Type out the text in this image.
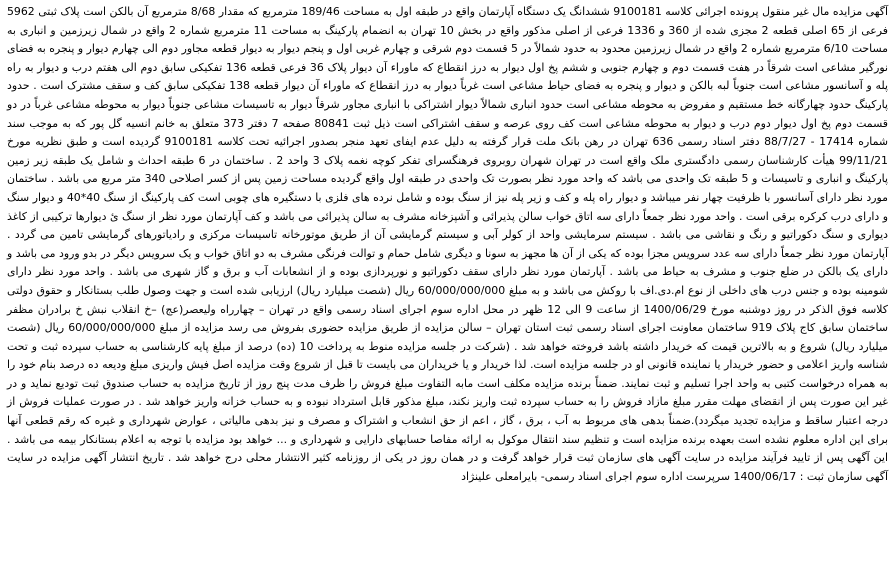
آگهی مزایده مال غیر منقول پرونده اجرائی کلاسه 9100181 ششدانگ یک دستگاه آپارتمان واقع در طبقه اول به مساحت 189/46 مترمربع که مقدار 8/68 مترمربع آن بالکن است پلاک ثبتی 5962 فرعی از 65 اصلی قطعه 2 مجزی شده از 360 و 1336 فرعی از اصلی مذکور واقع در بخش 10 تهران به انضمام پارکینگ به مساحت 11 مترمربع شماره 2 واقع در شمال زیرزمین و انباری به مساحت 6/10 مترمربع شماره 2 واقع در شمال زیرزمین محدود به حدود شمالاً در 5 قسمت دوم شرقی و چهارم غربی اول و پنجم دیوار به دیوار قطعه مجاور دوم الی چهارم دیوار و پنجره به فضای نورگیر مشاعی است شرقاً در هفت قسمت دوم و چهارم جنوبی و ششم پخ اول دیوار به درز انقطاع که ماوراء آن دیوار پلاک 36 فرعی قطعه 136 تفکیکی سابق دوم الی هفتم درب و دیوار به راه پله و آسانسور مشاعی است جنوباً لبه بالکن و دیوار و پنجره به فضای حیاط مشاعی است غرباً دیوار به درز انقطاع که ماوراء آن دیوار قطعه 138 تفکیکی سابق کف و سقف مشترک است . حدود پارکینگ حدود چهارگانه خط مستقیم و مفروض به محوطه مشاعی است حدود انباری شمالاً دیوار اشتراکی با انباری مجاور شرقاً دیوار به تاسیسات مشاعی جنوباً دیوار به محوطه مشاعی غرباً در دو قسمت دوم پخ اول دیوار دوم درب و دیوار به محوطه مشاعی است کف روی عرصه و سقف اشتراکی است ذیل ثبت 80841 صفحه 7 دفتر 373 متعلق به خانم انسیه گل پور که به موجب سند شماره 17414 - 88/7/27 دفتر اسناد رسمی 636 تهران در رهن بانک ملت قرار گرفته به دلیل عدم ایفای تعهد منجر بصدور اجرائیه تحت کلاسه 9100181 گردیده است و طبق نظریه مورخ 99/11/21 هیأت کارشناسان رسمی دادگستری ملک واقع است در تهران شهران روبروی فرهنگسرای تفکر کوچه نغمه پلاک 3 واحد 2 . ساختمان در 6 طبقه احداث و شامل یک طبقه زیر زمین پارکینگ و انباری و تاسیسات و 5 طبقه تک واحدی می باشد که واحد مورد نظر بصورت تک واحدی در طبقه اول واقع گردیده مساحت زمین پس از کسر اصلاحی 340 متر مربع می باشد . ساختمان مورد نظر دارای آسانسور با ظرفیت چهار نفر میباشد و دیوار راه پله و کف و زیر پله نیز از سنگ بوده و شامل نرده های فلزی با دستگیره های چوبی است کف پارکینگ از سنگ 40*40 و دیوار سنگ و دارای درب کرکره برقی است . واحد مورد نظر جمعاً دارای سه اتاق خواب سالن پذیرائی و آشپزخانه مشرف به سالن پذیرائی می باشد و کف آپارتمان مورد نظر از سنگ ئ دیوارها ترکیبی از کاغذ دیواری و سنگ دکوراتیو و رنگ و نقاشی می باشد . سیستم سرمایشی واحد از کولر آبی و سیستم گرمایشی آن از طریق موتورخانه تاسیسات مرکزی و رادیاتورهای گرمایشی تامین می گردد . آپارتمان مورد نظر جمعاً دارای سه عدد سرویس مجزا بوده که یکی از آن ها مجهز به سونا و دیگری شامل حمام و توالت فرنگی مشرف به دو اتاق خواب و یک سرویس دیگر در بدو ورود می باشد و دارای یک بالکن در ضلع جنوب و مشرف به حیاط می باشد . آپارتمان مورد نظر دارای سقف دکوراتیو و نورپردازی بوده و از انشعابات آب و برق و گاز شهری می باشد . واحد مورد نظر دارای شومینه بوده و جنس درب های داخلی از نوع ام.دی.اف با روکش می باشد و به مبلغ 60/000/000/000 ریال (شصت میلیارد ریال) ارزیابی شده است و جهت وصول طلب بستانکار و حقوق دولتی کلاسه فوق الذکر در روز دوشنبه مورخ 1400/06/29 از ساعت 9 الی 12 ظهر در محل اداره سوم اجرای اسناد رسمی واقع در تهران – چهارراه ولیعصر(عج) –خ انقلاب نبش خ برادران مظفر ساختمان سابق کاج پلاک 919 ساختمان معاونت اجرای اسناد رسمی ثبت استان تهران – سالن مزایده از طریق مزایده حضوری بفروش می رسد مزایده از مبلغ 60/000/000/000 ریال (شصت میلیارد ریال) شروع و به بالاترین قیمت که خریدار داشته باشد فروخته خواهد شد . (شرکت در جلسه مزایده منوط به پرداخت 10 (ده) درصد از مبلغ پایه کارشناسی به حساب سپرده ثبت و تحت شناسه واریز اعلامی و حضور خریدار یا نماینده قانونی او در جلسه مزایده است. لذا خریدار و یا خریداران می بایست تا قبل از شروع وقت مزایده اصل فیش واریزی مبلغ ودیعه ده درصد بنام خود را به همراه درخواست کتبی به واحد اجرا تسلیم و ثبت نمایند. ضمناً برنده مزایده مکلف است مابه التفاوت مبلغ فروش را ظرف مدت پنج روز از تاریخ مزایده به حساب صندوق ثبت تودیع نماید و در غیر این صورت پس از انقضای مهلت مقرر مبلغ مازاد فروش را به حساب سپرده ثبت واریز نکند، مبلغ مذکور قابل استرداد نبوده و به حساب خزانه واریز خواهد شد . در صورت عملیات فروش از درجه اعتبار ساقط و مزایده تجدید میگردد).ضمناً بدهی های مربوط به آب ، برق ، گاز ، اعم از حق انشعاب و اشتراک و مصرف و نیز بدهی مالیاتی ، عوارض شهرداری و غیره که رقم قطعی آنها برای این اداره معلوم نشده است بعهده برنده مزایده است و تنظیم سند انتقال موکول به ارائه مفاصا حسابهای دارایی و شهرداری و ... خواهد بود مزایده با توجه به اعلام بستانکار بیمه می باشد . این آگهی پس از تایید فرآیند مزایده در سایت آگهی های سازمان ثبت قرار خواهد گرفت و در همان روز در یکی از روزنامه کثیر الانتشار محلی درج خواهد شد . تاریخ انتشار آگهی مزایده در سایت آگهی سازمان ثبت : 1400/06/17 سرپرست اداره سوم اجرای اسناد رسمی- بایرامعلی علینژاد
